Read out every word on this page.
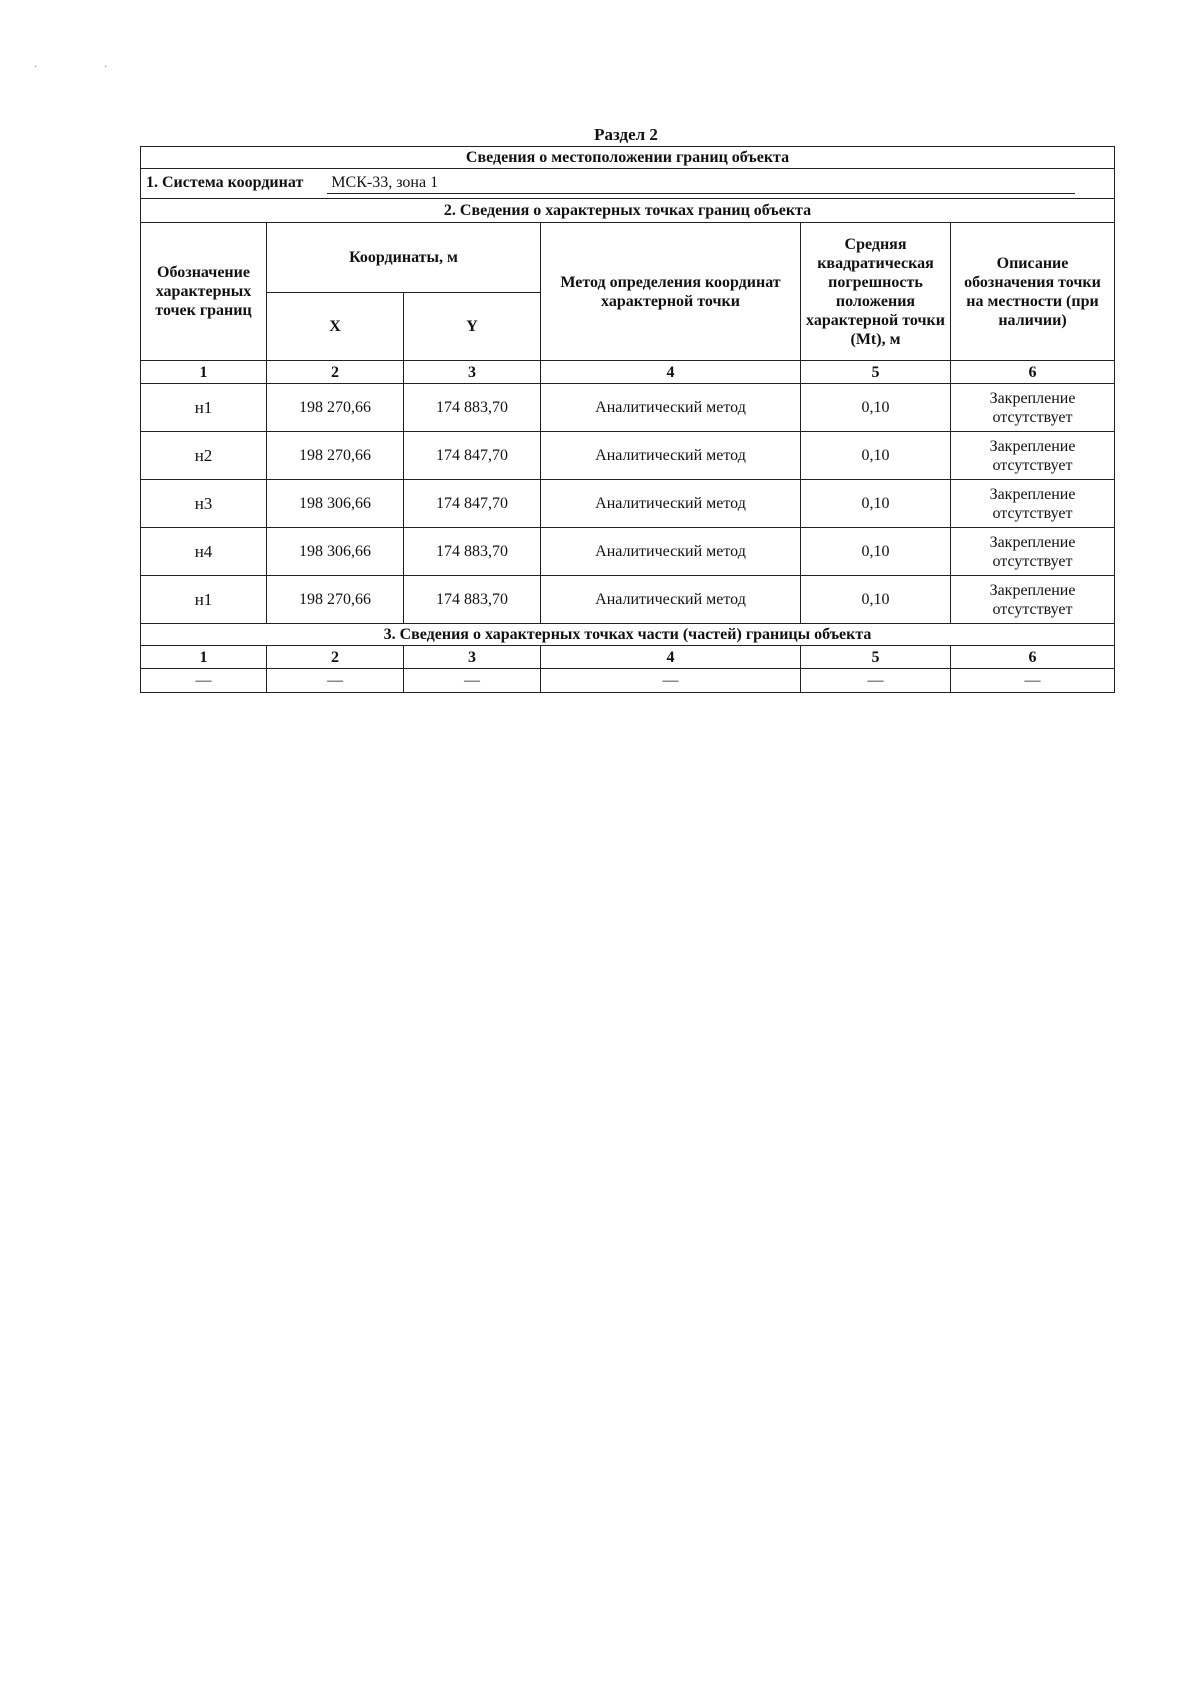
·	·
Раздел 2
Сведения о местоположении границ объекта					
1. Система координат МСК-33, зона 1					
2. Сведения о характерных точках границ объекта					
Обозначение характерных точек границ	Координаты, м		Метод определения координат характерной точки	Средняя квадратическая погрешность положения характерной точки (Mt), м	Описание обозначения точки на местности (при наличии)
	X	Y			
1	2	3	4	5	6
н1	198 270,66	174 883,70	Аналитический метод	0,10	Закрепление отсутствует
н2	198 270,66	174 847,70	Аналитический метод	0,10	Закрепление отсутствует
н3	198 306,66	174 847,70	Аналитический метод	0,10	Закрепление отсутствует
н4	198 306,66	174 883,70	Аналитический метод	0,10	Закрепление отсутствует
н1	198 270,66	174 883,70	Аналитический метод	0,10	Закрепление отсутствует
3. Сведения о характерных точках части (частей) границы объекта					
1	2	3	4	5	6
—	—	—	—	—	—
